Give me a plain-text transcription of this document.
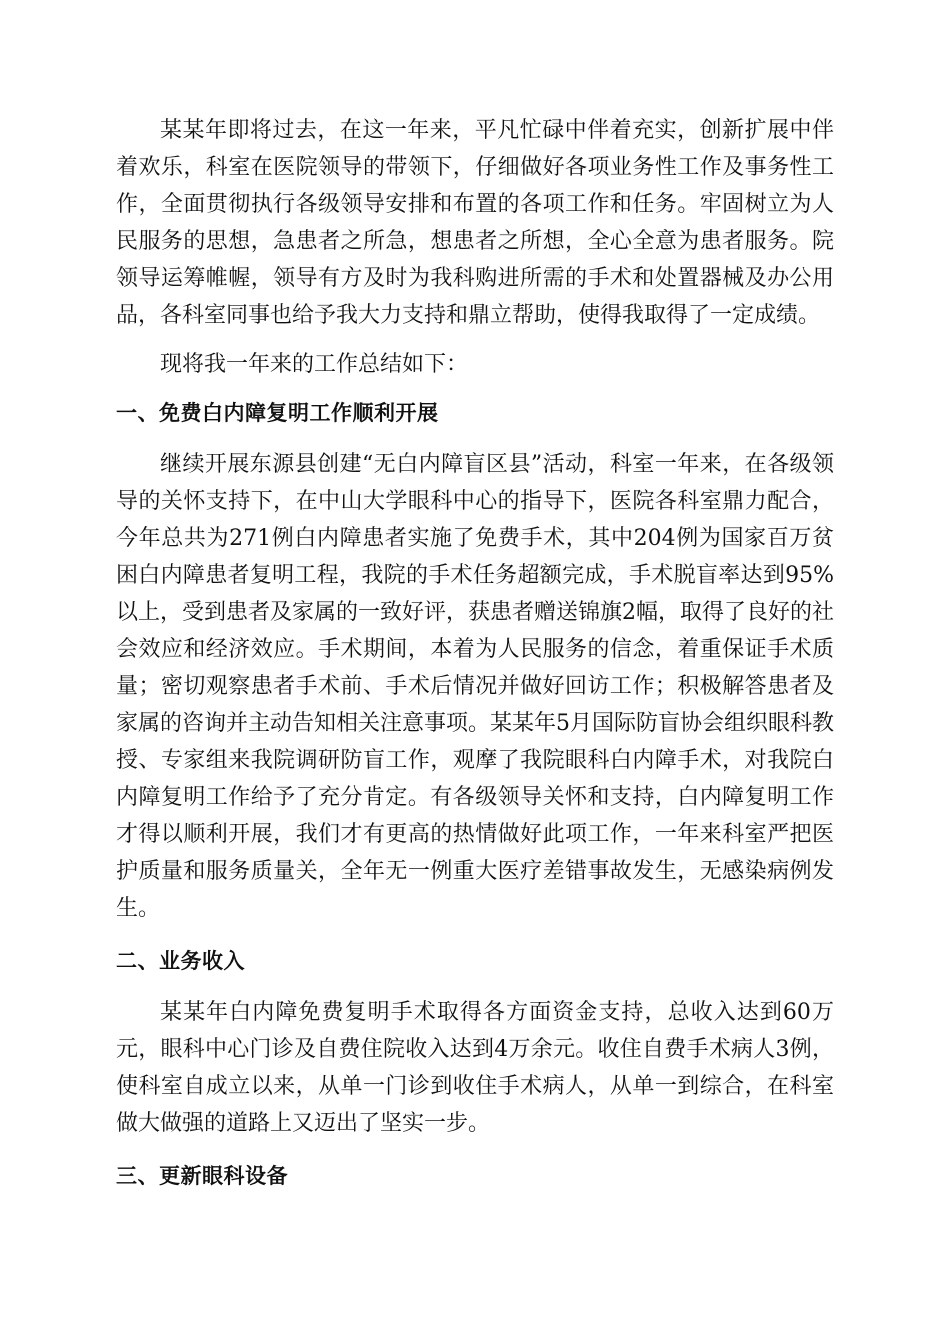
某某年即将过去，在这一年来，平凡忙碌中伴着充实，创新扩展中伴着欢乐，科室在医院领导的带领下，仔细做好各项业务性工作及事务性工作，全面贯彻执行各级领导安排和布置的各项工作和任务。牢固树立为人民服务的思想，急患者之所急，想患者之所想，全心全意为患者服务。院领导运筹帷幄，领导有方及时为我科购进所需的手术和处置器械及办公用品，各科室同事也给予我大力支持和鼎立帮助，使得我取得了一定成绩。

现将我一年来的工作总结如下：

一、免费白内障复明工作顺利开展

继续开展东源县创建“无白内障盲区县”活动，科室一年来，在各级领导的关怀支持下，在中山大学眼科中心的指导下，医院各科室鼎力配合，今年总共为271例白内障患者实施了免费手术，其中204例为国家百万贫困白内障患者复明工程，我院的手术任务超额完成，手术脱盲率达到95%以上，受到患者及家属的一致好评，获患者赠送锦旗2幅，取得了良好的社会效应和经济效应。手术期间，本着为人民服务的信念，着重保证手术质量；密切观察患者手术前、手术后情况并做好回访工作；积极解答患者及家属的咨询并主动告知相关注意事项。某某年5月国际防盲协会组织眼科教授、专家组来我院调研防盲工作，观摩了我院眼科白内障手术，对我院白内障复明工作给予了充分肯定。有各级领导关怀和支持，白内障复明工作才得以顺利开展，我们才有更高的热情做好此项工作，一年来科室严把医护质量和服务质量关，全年无一例重大医疗差错事故发生，无感染病例发生。

二、业务收入

某某年白内障免费复明手术取得各方面资金支持，总收入达到60万元，眼科中心门诊及自费住院收入达到4万余元。收住自费手术病人3例，使科室自成立以来，从单一门诊到收住手术病人，从单一到综合，在科室做大做强的道路上又迈出了坚实一步。

三、更新眼科设备
